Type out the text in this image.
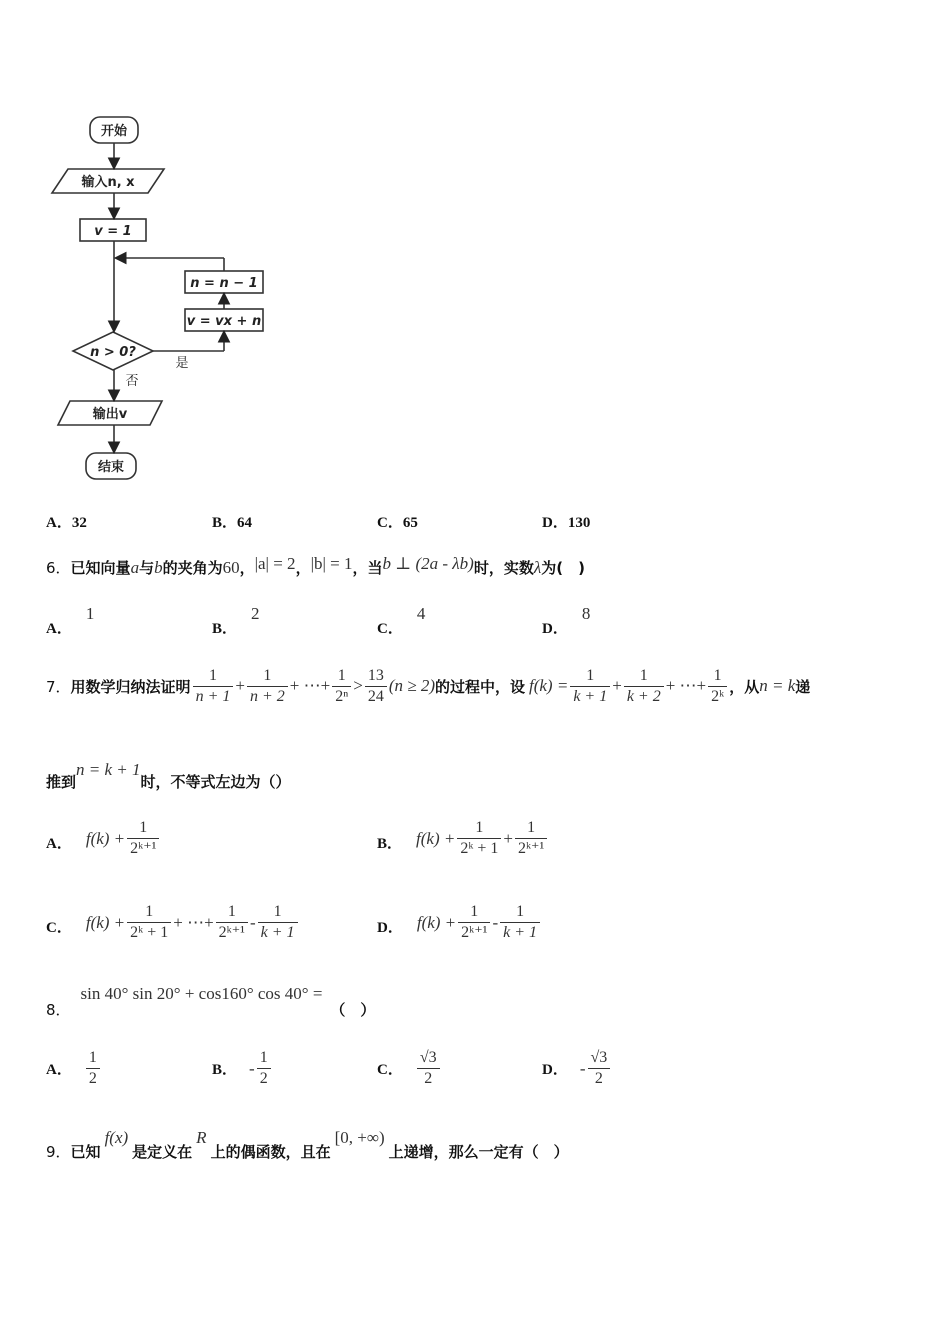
开始
输入n, x
v = 1
n = n − 1
v = vx + n
n > 0?
是
否
输出v
结束
A．32	B．64	C．65	D．130
6．已知向量a与b的夹角为60，|a| = 2，|b| = 1，当b ⊥ (2a - λb)时，实数λ为(　)
A．1
B．2
C．4
D．8
7． 用数学归纳法证明 $\frac{1}{n + 1} + \frac{1}{n + 2}$ + ⋯+ $\frac{1}{\text{2ⁿ}} > \frac{13}{24} (n \ge 2)$ 的过程中，设 $f(k) = \frac{1}{k + 1} + \frac{1}{k + 2}$ + ⋯+ $\frac{1}{\text{2ᵏ}}$ ，从 n = k 递
推到
n = k + 1
时，不等式左边为（）
A． $f(k) + \frac{1}{\text{2ᵏ⁺¹}}$	B． $f(k) + \frac{1}{\text{2ᵏ + 1}} + \frac{1}{\text{2ᵏ⁺¹}}$
C． $f(k) + \frac{1}{\text{2ᵏ + 1}}$ + ⋯+ $\frac{1}{\text{2ᵏ⁺¹}} - \frac{1}{k + 1}$	D． $f(k) + \frac{1}{\text{2ᵏ⁺¹}} - \frac{1}{k + 1}$
8．
sin 40° sin 20° + cos160° cos 40° =
（　）
A． $\frac{1}{2}$	B． - $\frac{1}{2}$	C． $\frac{√3}{2}$	D． - $\frac{√3}{2}$
9． 已知
f(x)
是定义在
R
上的偶函数，且在
[0, +∞)
上递增，那么一定有（　）
